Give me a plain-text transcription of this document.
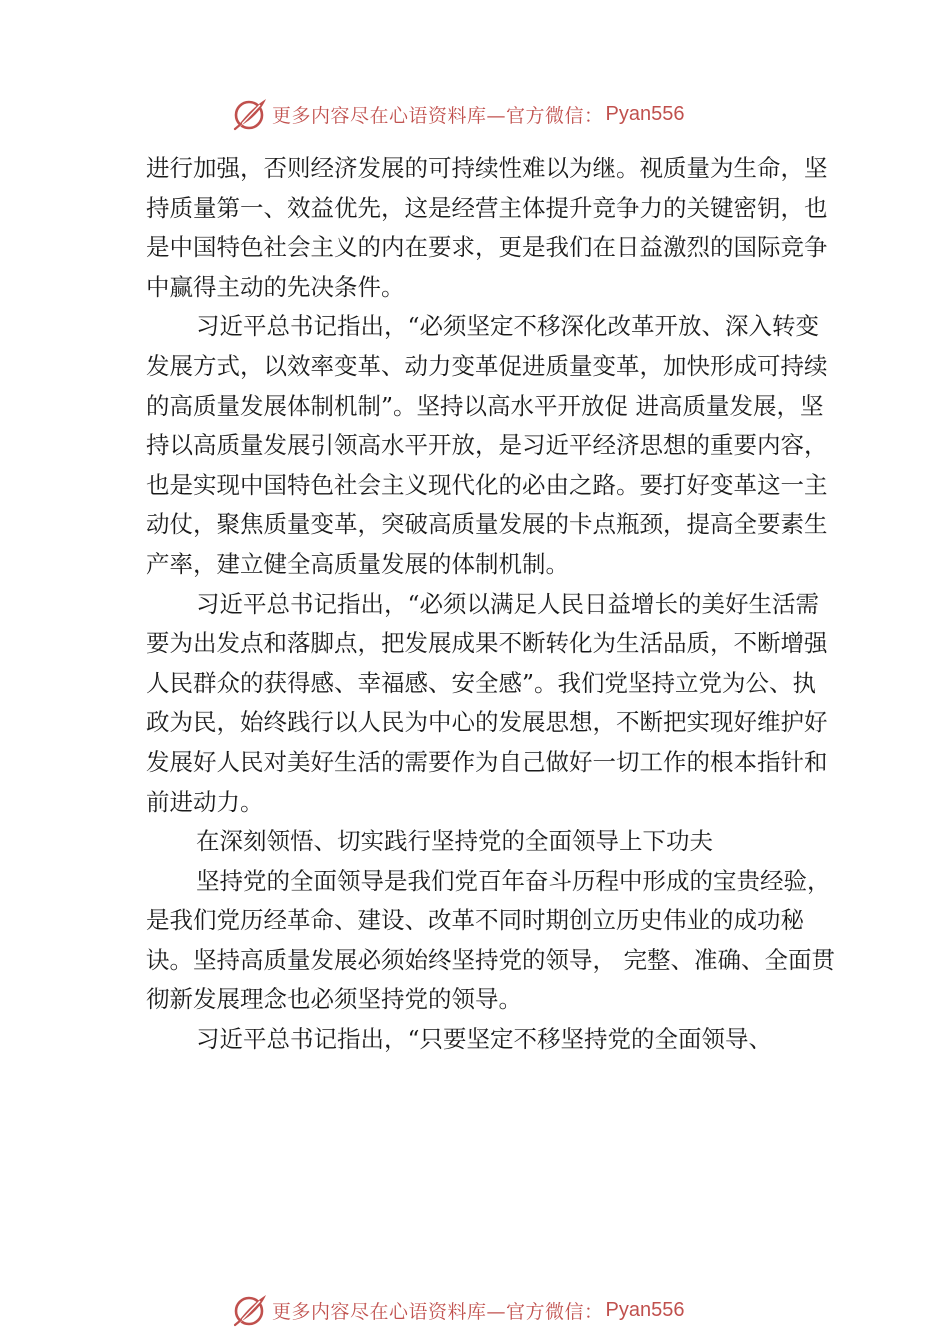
更多内容尽在心语资料库—官方微信： Pyan556

进行加强，否则经济发展的可持续性难以为继。视质量为生命，坚持质量第一、效益优先，这是经营主体提升竞争力的关键密钥，也是中国特色社会主义的内在要求，更是我们在日益激烈的国际竞争中赢得主动的先决条件。

习近平总书记指出，“必须坚定不移深化改革开放、深入转变发展方式，以效率变革、动力变革促进质量变革，加快形成可持续的高质量发展体制机制”。坚持以高水平开放促 进高质量发展，坚持以高质量发展引领高水平开放，是习近平经济思想的重要内容，也是实现中国特色社会主义现代化的必由之路。要打好变革这一主动仗，聚焦质量变革，突破高质量发展的卡点瓶颈，提高全要素生产率，建立健全高质量发展的体制机制。

习近平总书记指出，“必须以满足人民日益增长的美好生活需要为出发点和落脚点，把发展成果不断转化为生活品质，不断增强人民群众的获得感、幸福感、安全感”。我们党坚持立党为公、执政为民，始终践行以人民为中心的发展思想，不断把实现好维护好发展好人民对美好生活的需要作为自己做好一切工作的根本指针和前进动力。

在深刻领悟、切实践行坚持党的全面领导上下功夫

坚持党的全面领导是我们党百年奋斗历程中形成的宝贵经验，是我们党历经革命、建设、改革不同时期创立历史伟业的成功秘诀。坚持高质量发展必须始终坚持党的领导， 完整、准确、全面贯彻新发展理念也必须坚持党的领导。

习近平总书记指出，“只要坚定不移坚持党的全面领导、

更多内容尽在心语资料库—官方微信： Pyan556
